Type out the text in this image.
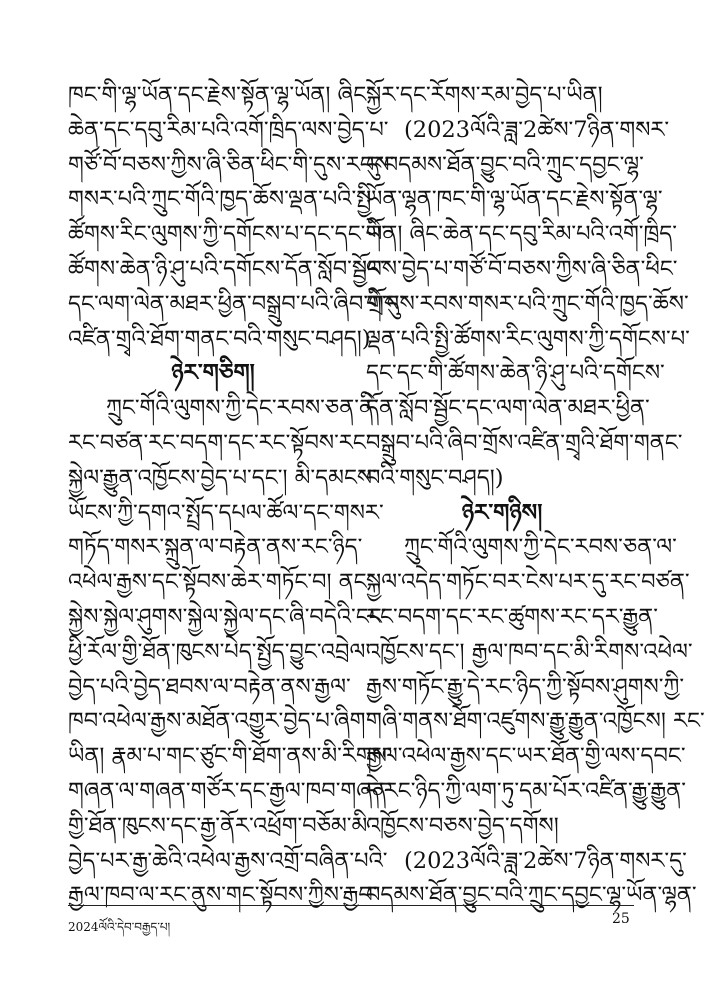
ཁང་གི་ལྷ་ཡོན་དང་རྗེས་སྟོན་ལྷ་ཡོན། ཞིང་
ཆེན་དང་དབུ་རིམ་པའི་འགོ་ཁྲིད་ལས་བྱེད་པ་
གཙོ་བོ་བཅས་ཀྱིས་ཞི་ཅིན་ཕིང་གི་དུས་རབས་
གསར་པའི་ཀྲུང་གོའི་ཁྱད་ཆོས་ལྡན་པའི་སྤྱི་
ཚོགས་རིང་ལུགས་ཀྱི་དགོངས་པ་དང་དང་གི་
ཚོགས་ཆེན་ཉི་ཤུ་པའི་དགོངས་དོན་སློབ་སྦྱོང་
དང་ལག་ལེན་མཐར་ཕྱིན་བསྒྲུབ་པའི་ཞིབ་གྲོས་
འཛིན་གྲྭའི་ཐོག་གནང་བའི་གསུང་བཤད།)
ཉེར་གཅིག།
ཀྲུང་གོའི་ལུགས་ཀྱི་དེང་རབས་ཅན་ནི་
རང་བཙན་རང་བདག་དང་རང་སྟོབས་རང་
སྐྱེལ་རྒྱུན་འཁྱོངས་བྱེད་པ་དང་། མི་དམངས་
ཡོངས་ཀྱི་དགའ་སྤྲོད་དཔལ་ཚོལ་དང་གསར་
གཏོད་གསར་སྐྲུན་ལ་བརྟེན་ནས་རང་ཉིད་
འཕེལ་རྒྱས་དང་སྟོབས་ཆེར་གཏོང་བ། ནང་
སྐྱེས་སྐྱེལ་ཤུགས་སྐྱེལ་སྐྱེལ་དང་ཞི་བདེའི་ངང་
ཕྱི་རོལ་གྱི་ཐོན་ཁུངས་པེད་སྤྱོད་བྱུང་འབྲེལ་
བྱེད་པའི་བྱེད་ཐབས་ལ་བརྟེན་ནས་རྒྱལ་
ཁབ་འཕེལ་རྒྱས་མཐོན་འགྱུར་བྱེད་པ་ཞིག་
ཡིན། རྣམ་པ་གང་ཙུང་གི་ཐོག་ནས་མི་རིགས་
གཞན་ལ་གཞན་གཙོར་དང་རྒྱལ་ཁབ་གཞན་
གྱི་ཐོན་ཁུངས་དང་རྒྱ་ནོར་འཕྲོག་བཅོམ་མི་
བྱེད་པར་རྒྱ་ཆེའི་འཕེལ་རྒྱས་འགྲོ་བཞིན་པའི་
རྒྱལ་ཁབ་ལ་རང་ནུས་གང་སྟོབས་ཀྱིས་རྒྱབ་
སྐྱོར་དང་རོགས་རམ་བྱེད་པ་ཡིན།
(2023ལོའི་ཟླ་2ཚེས་7ཉིན་གསར་
དུ་བདམས་ཐོན་བྱུང་བའི་ཀྲུང་དབྱང་ལྷ་
ཡོན་ལྷན་ཁང་གི་ལྷ་ཡོན་དང་རྗེས་སྟོན་ལྷ་
ཡོན། ཞིང་ཆེན་དང་དབུ་རིམ་པའི་འགོ་ཁྲིད་
ལས་བྱེད་པ་གཙོ་བོ་བཅས་ཀྱིས་ཞི་ཅིན་ཕིང་
གི་དུས་རབས་གསར་པའི་ཀྲུང་གོའི་ཁྱད་ཆོས་
ལྡན་པའི་སྤྱི་ཚོགས་རིང་ལུགས་ཀྱི་དགོངས་པ་
དང་དང་གི་ཚོགས་ཆེན་ཉི་ཤུ་པའི་དགོངས་
དོན་སློབ་སྦྱོང་དང་ལག་ལེན་མཐར་ཕྱིན་
བསྒྲུབ་པའི་ཞིབ་གྲོས་འཛིན་གྲྭའི་ཐོག་གནང་
བའི་གསུང་བཤད།)
ཉེར་གཉིས།
ཀྲུང་གོའི་ལུགས་ཀྱི་དེང་རབས་ཅན་ལ་
སྐྱལ་འདེད་གཏོང་བར་ངེས་པར་དུ་རང་བཙན་
རང་བདག་དང་རང་ཚུགས་རང་དར་རྒྱུན་
འཁྱོངས་དང་། རྒྱལ་ཁབ་དང་མི་རིགས་འཕེལ་
རྒྱས་གཏོང་རྒྱུ་དེ་རང་ཉིད་ཀྱི་སྟོབས་ཤུགས་ཀྱི་
གཞི་གནས་ཐོག་འཛུགས་རྒྱུ་རྒྱུན་འཁྱོངས། རང་
རྒྱལ་འཕེལ་རྒྱས་དང་ཡར་ཐོན་གྱི་ལས་དབང་
དེ་རང་ཉིད་ཀྱི་ལག་ཏུ་དམ་པོར་འཛིན་རྒྱུ་རྒྱུན་
འཁྱོངས་བཅས་བྱེད་དགོས།
(2023ལོའི་ཟླ་2ཚེས་7ཉིན་གསར་དུ་
བདམས་ཐོན་བྱུང་བའི་ཀྲུང་དབྱང་ལྷ་ཡོན་ལྷན་
2024ལོའི་དེབ་བརྒྱད་པ།	25
